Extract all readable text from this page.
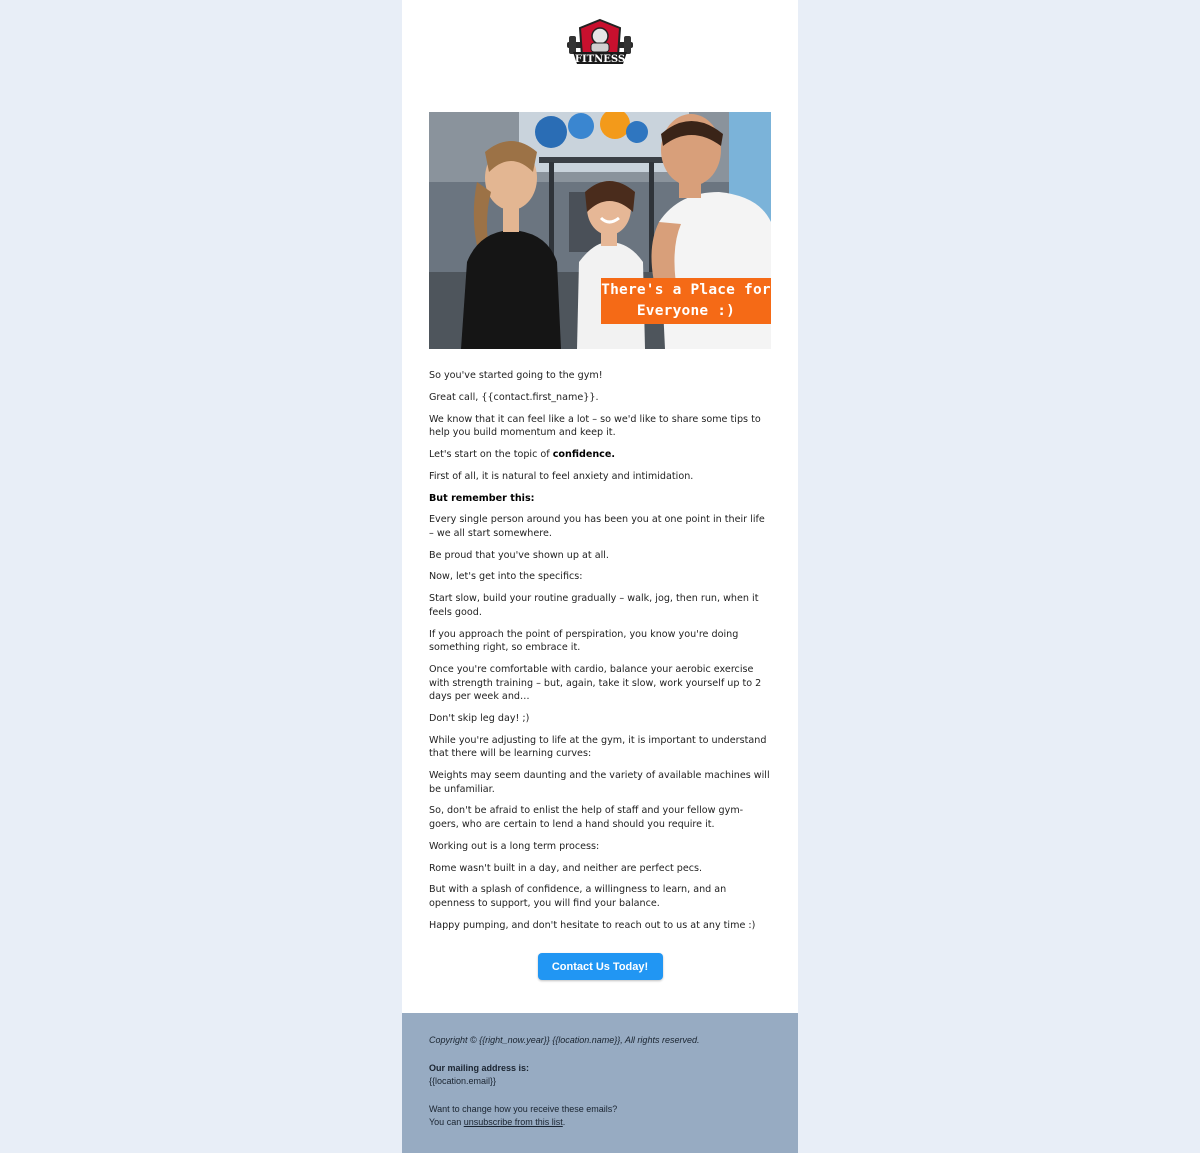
FITNESS
There's a Place for
Everyone :)

So you've started going to the gym!

Great call, {{contact.first_name}}.

We know that it can feel like a lot – so we'd like to share some tips to help you build momentum and keep it.

Let's start on the topic of confidence.

First of all, it is natural to feel anxiety and intimidation.

But remember this:

Every single person around you has been you at one point in their life – we all start somewhere.

Be proud that you've shown up at all.

Now, let's get into the specifics:

Start slow, build your routine gradually – walk, jog, then run, when it feels good.

If you approach the point of perspiration, you know you're doing something right, so embrace it.

Once you're comfortable with cardio, balance your aerobic exercise with strength training – but, again, take it slow, work yourself up to 2 days per week and…

Don't skip leg day! ;)

While you're adjusting to life at the gym, it is important to understand that there will be learning curves:

Weights may seem daunting and the variety of available machines will be unfamiliar.

So, don't be afraid to enlist the help of staff and your fellow gym-goers, who are certain to lend a hand should you require it.

Working out is a long term process:

Rome wasn't built in a day, and neither are perfect pecs.

But with a splash of confidence, a willingness to learn, and an openness to support, you will find your balance.

Happy pumping, and don't hesitate to reach out to us at any time :)

Contact Us Today!

Copyright © {{right_now.year}} {{location.name}}, All rights reserved.

Our mailing address is:
{{location.email}}
Want to change how you receive these emails?
You can unsubscribe from this list.
